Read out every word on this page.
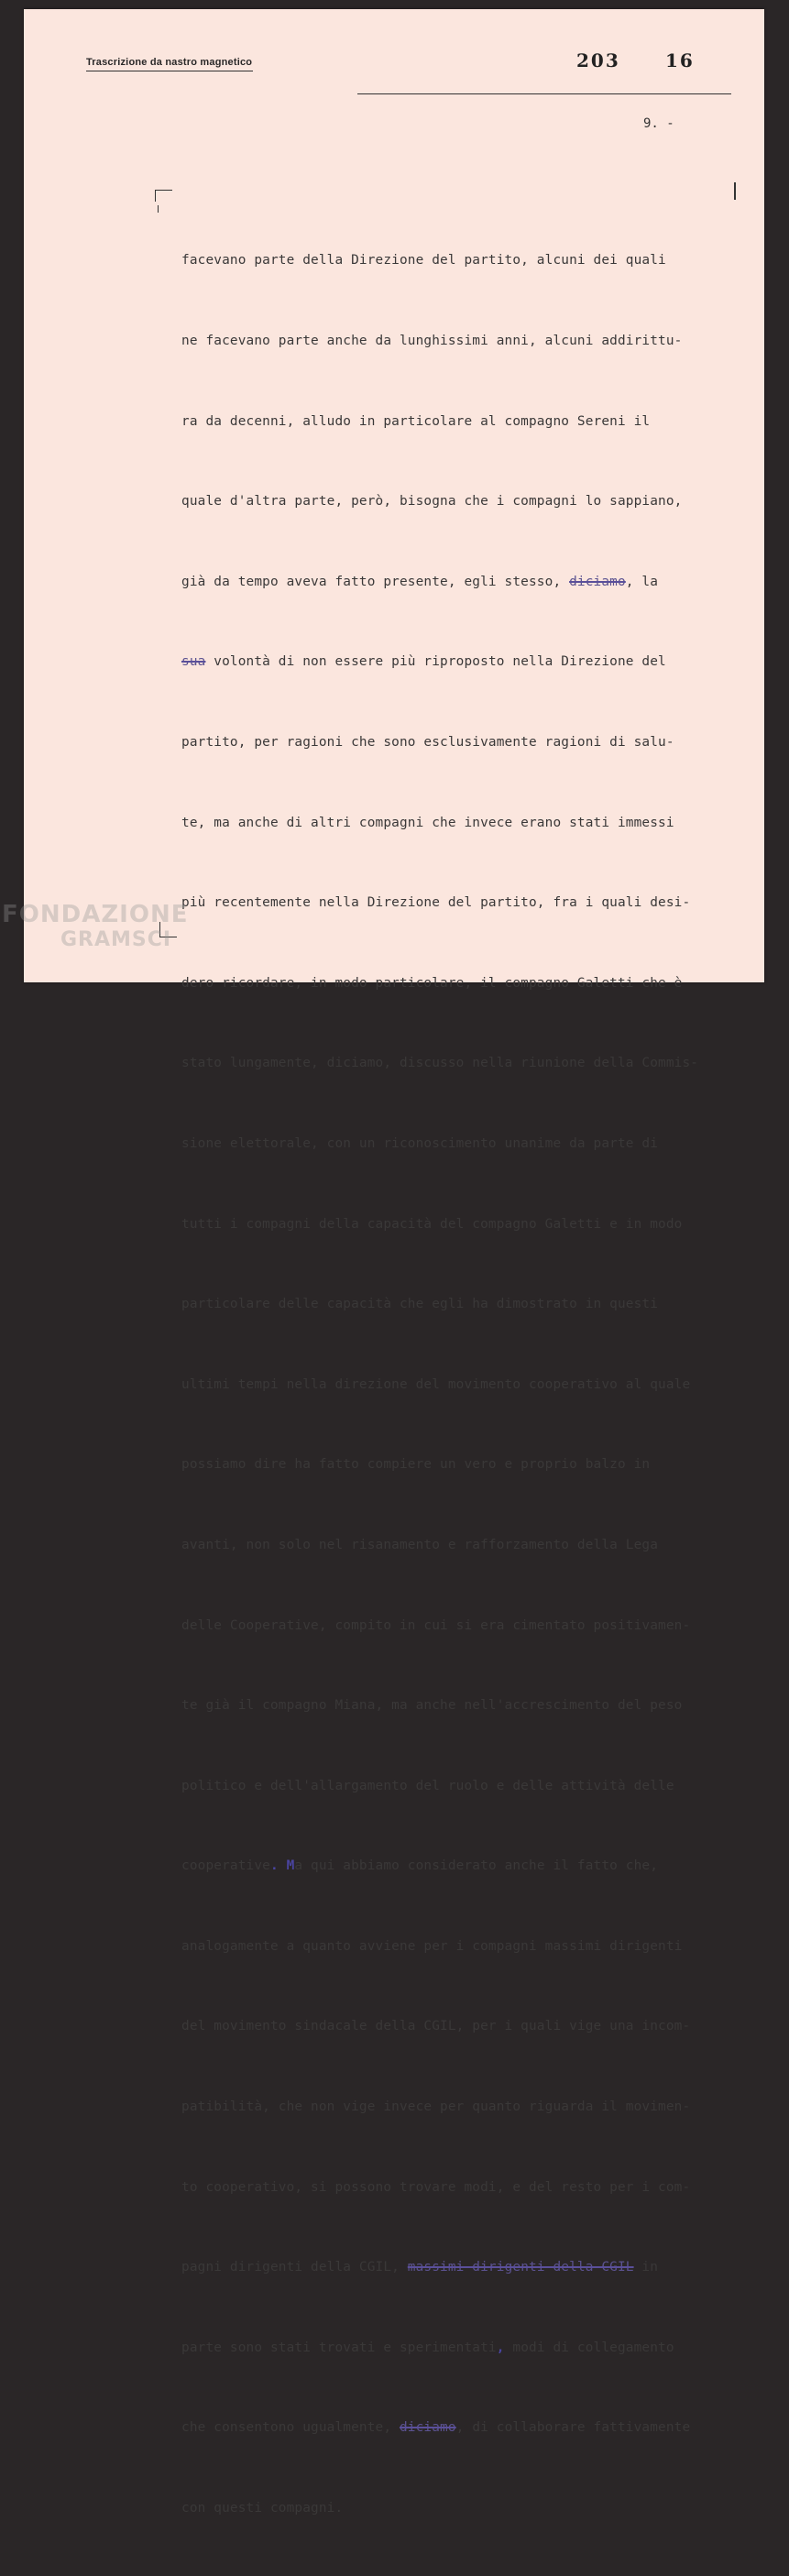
Trascrizione da nastro magnetico	203 16
9. -

facevano parte della Direzione del partito, alcuni dei quali

ne facevano parte anche da lunghissimi anni, alcuni addirittu-

ra da decenni, alludo in particolare al compagno Sereni il

quale d'altra parte, però, bisogna che i compagni lo sappiano,

già da tempo aveva fatto presente, egli stesso, diciamo, la

sua volontà di non essere più riproposto nella Direzione del

partito, per ragioni che sono esclusivamente ragioni di salu-

te, ma anche di altri compagni che invece erano stati immessi

più recentemente nella Direzione del partito, fra i quali desi-

dero ricordare, in modo particolare, il compagno Galetti che è

stato lungamente, diciamo, discusso nella riunione della Commis-

sione elettorale, con un riconoscimento unanime da parte di

tutti i compagni della capacità del compagno Galetti e in modo

particolare delle capacità che egli ha dimostrato in questi

ultimi tempi nella direzione del movimento cooperativo al quale

possiamo dire ha fatto compiere un vero e proprio balzo in

avanti, non solo nel risanamento e rafforzamento della Lega

delle Cooperative, compito in cui si era cimentato positivamen-

te già il compagno Miana, ma anche nell'accrescimento del peso

politico e dell'allargamento del ruolo e delle attività delle

cooperative. Ma qui abbiamo considerato anche il fatto che,

analogamente a quanto avviene per i compagni massimi dirigenti

del movimento sindacale della CGIL, per i quali vige una incom-

patibilità, che non vige invece per quanto riguarda il movimen-

to cooperativo, si possono trovare modi, e del resto per i com-

pagni dirigenti della CGIL, massimi dirigenti della CGIL in

parte sono stati trovati e sperimentati, modi di collegamento

che consentono ugualmente, diciamo, di collaborare fattivamente

con questi compagni.

FONDAZIONE
GRAMSCI
